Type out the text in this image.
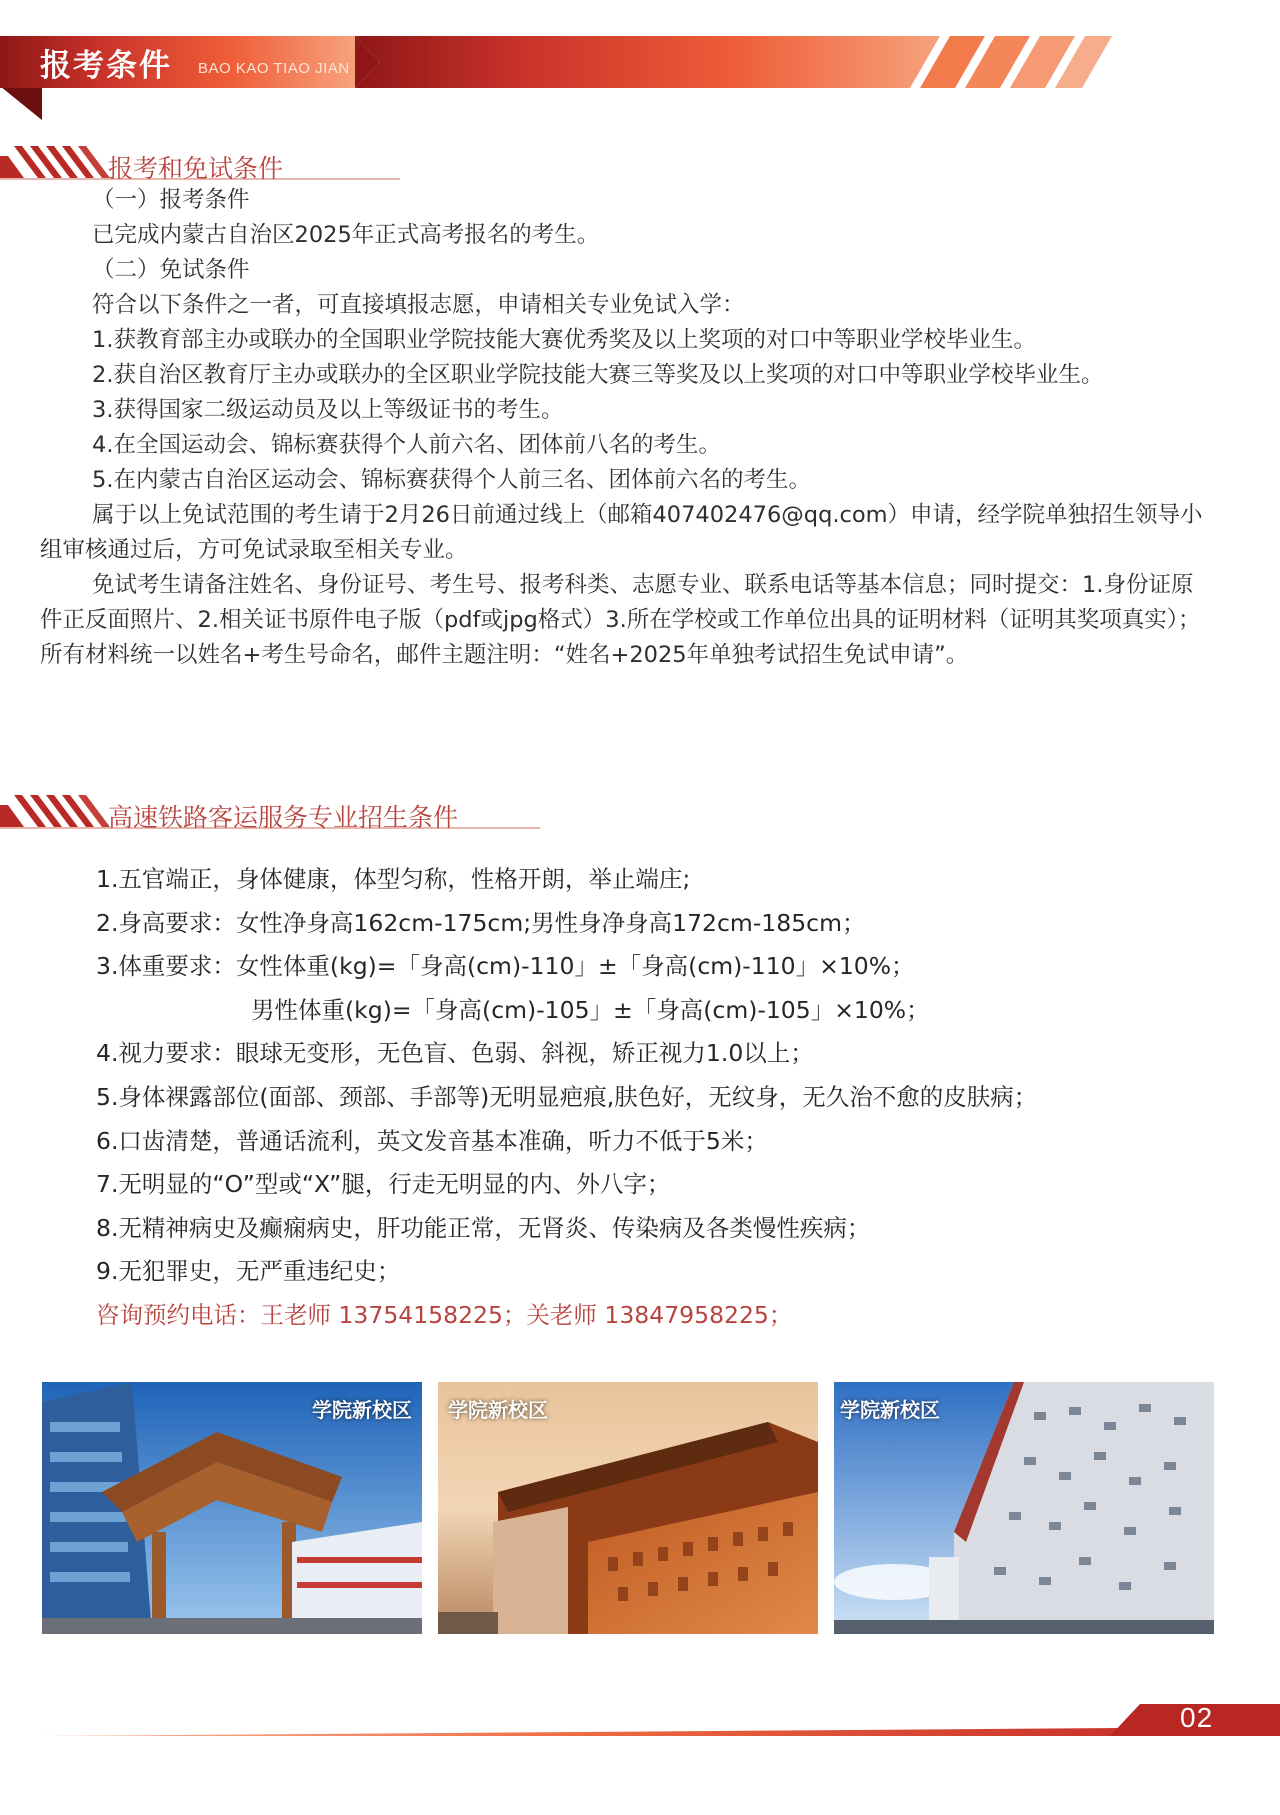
报考条件 BAO KAO TIAO JIAN
报考和免试条件
（一）报考条件
已完成内蒙古自治区2025年正式高考报名的考生。
（二）免试条件
符合以下条件之一者，可直接填报志愿，申请相关专业免试入学：
1.获教育部主办或联办的全国职业学院技能大赛优秀奖及以上奖项的对口中等职业学校毕业生。
2.获自治区教育厅主办或联办的全区职业学院技能大赛三等奖及以上奖项的对口中等职业学校毕业生。
3.获得国家二级运动员及以上等级证书的考生。
4.在全国运动会、锦标赛获得个人前六名、团体前八名的考生。
5.在内蒙古自治区运动会、锦标赛获得个人前三名、团体前六名的考生。
属于以上免试范围的考生请于2月26日前通过线上（邮箱407402476@qq.com）申请，经学院单独招生领导小组审核通过后，方可免试录取至相关专业。
免试考生请备注姓名、身份证号、考生号、报考科类、志愿专业、联系电话等基本信息；同时提交：1.身份证原件正反面照片、2.相关证书原件电子版（pdf或jpg格式）3.所在学校或工作单位出具的证明材料（证明其奖项真实）；所有材料统一以姓名+考生号命名，邮件主题注明：“姓名+2025年单独考试招生免试申请”。
高速铁路客运服务专业招生条件
1.五官端正，身体健康，体型匀称，性格开朗，举止端庄;
2.身高要求：女性净身高162cm-175cm;男性身净身高172cm-185cm；
3.体重要求：女性体重(kg)=「身高(cm)-110」±「身高(cm)-110」×10%；
男性体重(kg)=「身高(cm)-105」±「身高(cm)-105」×10%；
4.视力要求：眼球无变形，无色盲、色弱、斜视，矫正视力1.0以上；
5.身体裸露部位(面部、颈部、手部等)无明显疤痕,肤色好，无纹身，无久治不愈的皮肤病；
6.口齿清楚，普通话流利，英文发音基本准确，听力不低于5米；
7.无明显的“O”型或“X”腿，行走无明显的内、外八字；
8.无精神病史及癫痫病史，肝功能正常，无肾炎、传染病及各类慢性疾病；
9.无犯罪史，无严重违纪史；
咨询预约电话：王老师 13754158225；关老师 13847958225；
学院新校区 学院新校区	学院新校区
02
